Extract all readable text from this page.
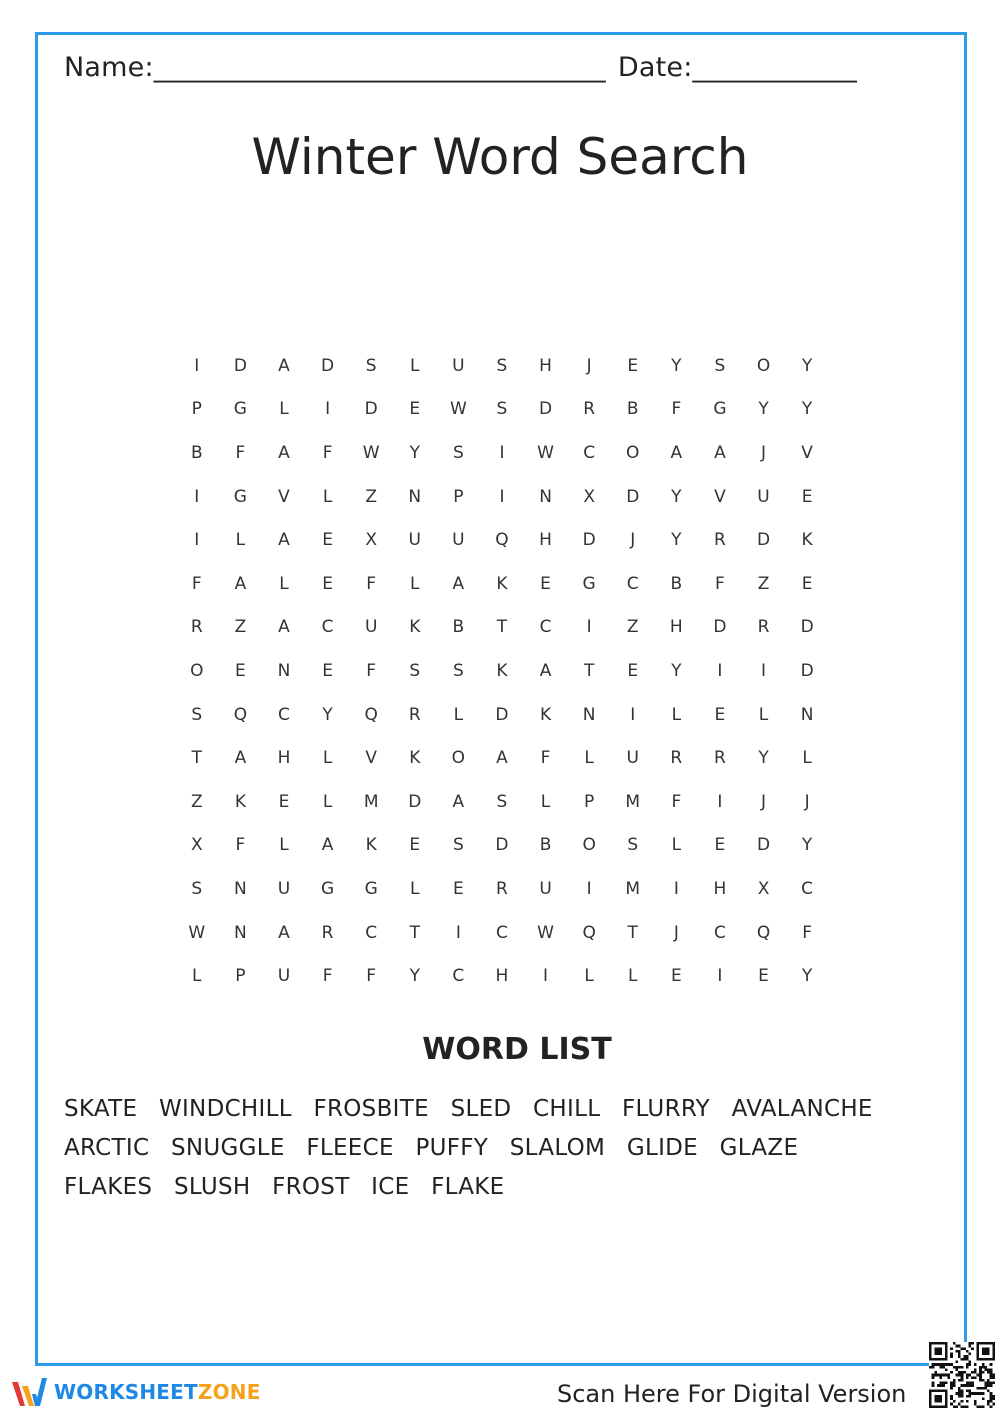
Name:_________________________________ Date:____________
Winter Word Search
I	D	A	D	S	L	U	S	H	J	E	Y	S	O	Y
P	G	L	I	D	E	W	S	D	R	B	F	G	Y	Y
B	F	A	F	W	Y	S	I	W	C	O	A	A	J	V
I	G	V	L	Z	N	P	I	N	X	D	Y	V	U	E
I	L	A	E	X	U	U	Q	H	D	J	Y	R	D	K
F	A	L	E	F	L	A	K	E	G	C	B	F	Z	E
R	Z	A	C	U	K	B	T	C	I	Z	H	D	R	D
O	E	N	E	F	S	S	K	A	T	E	Y	I	I	D
S	Q	C	Y	Q	R	L	D	K	N	I	L	E	L	N
T	A	H	L	V	K	O	A	F	L	U	R	R	Y	L
Z	K	E	L	M	D	A	S	L	P	M	F	I	J	J
X	F	L	A	K	E	S	D	B	O	S	L	E	D	Y
S	N	U	G	G	L	E	R	U	I	M	I	H	X	C
W	N	A	R	C	T	I	C	W	Q	T	J	C	Q	F
L	P	U	F	F	Y	C	H	I	L	L	E	I	E	Y
WORD LIST
SKATE WINDCHILL FROSBITE SLED CHILL FLURRY AVALANCHE ARCTIC SNUGGLE FLEECE PUFFY SLALOM GLIDE GLAZE FLAKES SLUSH FROST ICE FLAKE
WORKSHEETZONE	Scan Here For Digital Version
